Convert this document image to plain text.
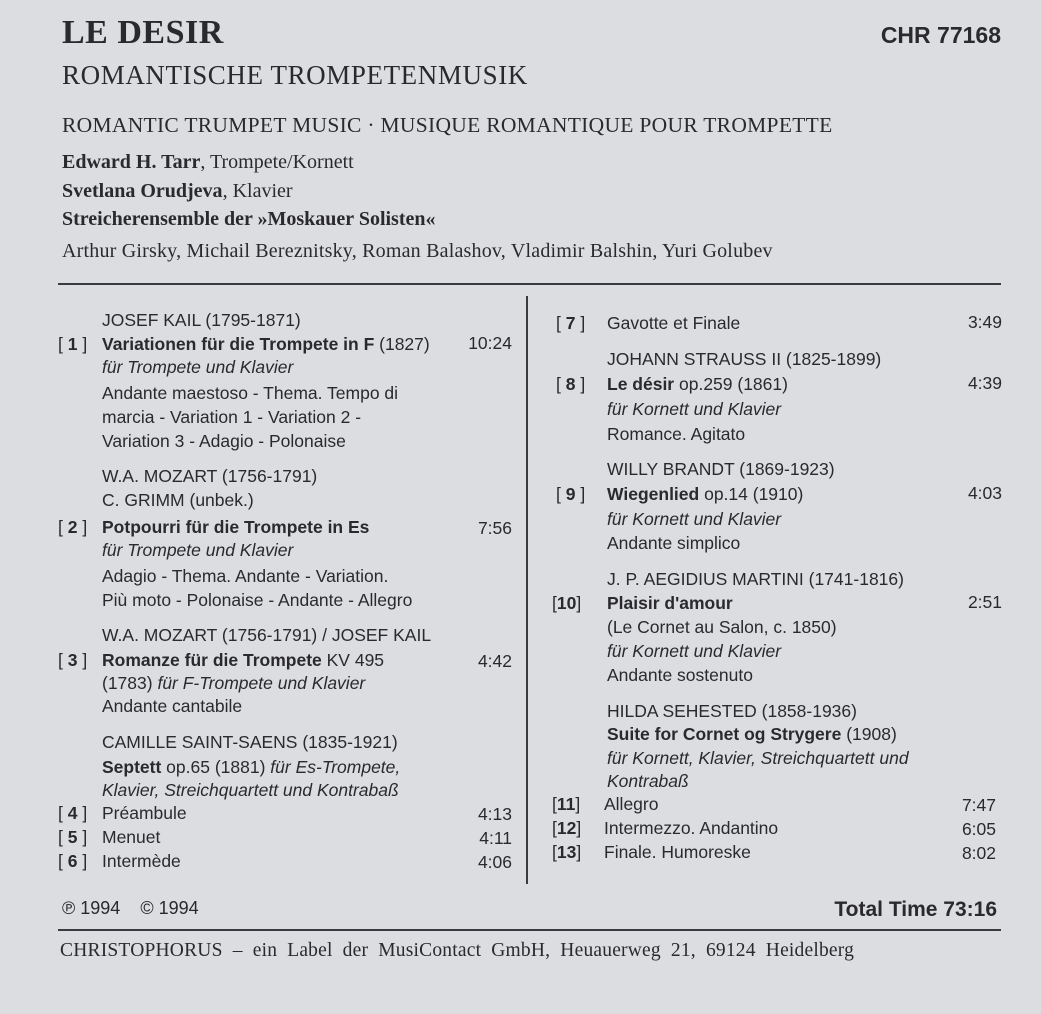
LE DESIR	CHR 77168
ROMANTISCHE TROMPETENMUSIK
ROMANTIC TRUMPET MUSIC · MUSIQUE ROMANTIQUE POUR TROMPETTE
Edward H. Tarr, Trompete/Kornett
Svetlana Orudjeva, Klavier
Streicherensemble der »Moskauer Solisten«
Arthur Girsky, Michail Bereznitsky, Roman Balashov, Vladimir Balshin, Yuri Golubev
JOSEF KAIL (1795-1871)
[ 1 ] Variationen für die Trompete in F (1827) 10:24
für Trompete und Klavier
Andante maestoso - Thema. Tempo di
marcia - Variation 1 - Variation 2 -
Variation 3 - Adagio - Polonaise
W.A. MOZART (1756-1791)
C. GRIMM (unbek.)
[ 2 ] Potpourri für die Trompete in Es	7:56
für Trompete und Klavier
Adagio - Thema. Andante - Variation.
Più moto - Polonaise - Andante - Allegro
W.A. MOZART (1756-1791) / JOSEF KAIL
[ 3 ] Romanze für die Trompete KV 495	4:42
(1783) für F-Trompete und Klavier
Andante cantabile
CAMILLE SAINT-SAENS (1835-1921)
Septett op.65 (1881) für Es-Trompete,
Klavier, Streichquartett und Kontrabaß
[ 4 ] Préambule	4:13
[ 5 ] Menuet	4:11
[ 6 ] Intermède	4:06
[ 7 ] Gavotte et Finale	3:49
JOHANN STRAUSS II (1825-1899)
[ 8 ] Le désir op.259 (1861)	4:39
für Kornett und Klavier
Romance. Agitato
WILLY BRANDT (1869-1923)
[ 9 ] Wiegenlied op.14 (1910)	4:03
für Kornett und Klavier
Andante simplico
J. P. AEGIDIUS MARTINI (1741-1816)
[10] Plaisir d'amour	2:51
(Le Cornet au Salon, c. 1850)
für Kornett und Klavier
Andante sostenuto
HILDA SEHESTED (1858-1936)
Suite for Cornet og Strygere (1908)
für Kornett, Klavier, Streichquartett und
Kontrabaß
[11] Allegro	7:47
[12] Intermezzo. Andantino	6:05
[13] Finale. Humoreske	8:02
℗ 1994 © 1994	Total Time 73:16
CHRISTOPHORUS – ein Label der MusiContact GmbH, Heuauerweg 21, 69124 Heidelberg
